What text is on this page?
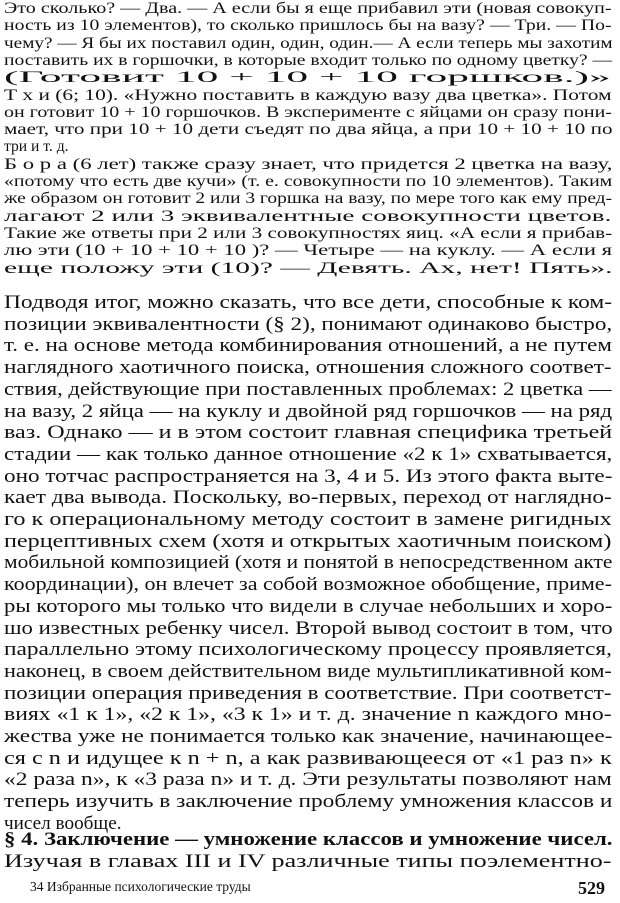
Это сколько? — Два. — А если бы я еще прибавил эти (новая совокуп-
ность из 10 элементов), то сколько пришлось бы на вазу? — Три. — По-
чему? — Я бы их поставил один, один, один.— А если теперь мы захотим
поставить их в горшочки, в которые входит только по одному цветку? —
(Готовит 10 + 10 + 10 горшков.)»
Т х и (6; 10). «Нужно поставить в каждую вазу два цветка». Потом
он готовит 10 + 10 горшочков. В эксперименте с яйцами он сразу пони-
мает, что при 10 + 10 дети съедят по два яйца, а при 10 + 10 + 10 по
три и т. д.
Б о р а (6 лет) также сразу знает, что придется 2 цветка на вазу,
«потому что есть две кучи» (т. е. совокупности по 10 элементов). Таким
же образом он готовит 2 или 3 горшка на вазу, по мере того как ему пред-
лагают 2 или 3 эквивалентные совокупности цветов.
Такие же ответы при 2 или 3 совокупностях яиц. «А если я прибав-
лю эти (10 + 10 + 10 + 10 )? — Четыре — на куклу. — А если я
еще положу эти (10)? — Девять. Ах, нет! Пять».
Подводя итог, можно сказать, что все дети, способные к ком-
позиции эквивалентности (§ 2), понимают одинаково быстро,
т. е. на основе метода комбинирования отношений, а не путем
наглядного хаотичного поиска, отношения сложного соответ-
ствия, действующие при поставленных проблемах: 2 цветка —
на вазу, 2 яйца — на куклу и двойной ряд горшочков — на ряд
ваз. Однако — и в этом состоит главная специфика третьей
стадии — как только данное отношение «2 к 1» схватывается,
оно тотчас распространяется на 3, 4 и 5. Из этого факта выте-
кает два вывода. Поскольку, во-первых, переход от наглядно-
го к операциональному методу состоит в замене ригидных
перцептивных схем (хотя и открытых хаотичным поиском)
мобильной композицией (хотя и понятой в непосредственном акте
координации), он влечет за собой возможное обобщение, приме-
ры которого мы только что видели в случае небольших и хоро-
шо известных ребенку чисел. Второй вывод состоит в том, что
параллельно этому психологическому процессу проявляется,
наконец, в своем действительном виде мультипликативной ком-
позиции операция приведения в соответствие. При соответст-
виях «1 к 1», «2 к 1», «3 к 1» и т. д. значение n каждого мно-
жества уже не понимается только как значение, начинающее-
ся с n и идущее к n + n, а как развивающееся от «1 раз n» к
«2 раза n», к «3 раза n» и т. д. Эти результаты позволяют нам
теперь изучить в заключение проблему умножения классов и
чисел вообще.
§ 4. Заключение — умножение классов и умножение чисел.
Изучая в главах III и IV различные типы поэлементно-
34 Избранные психологические труды	529
